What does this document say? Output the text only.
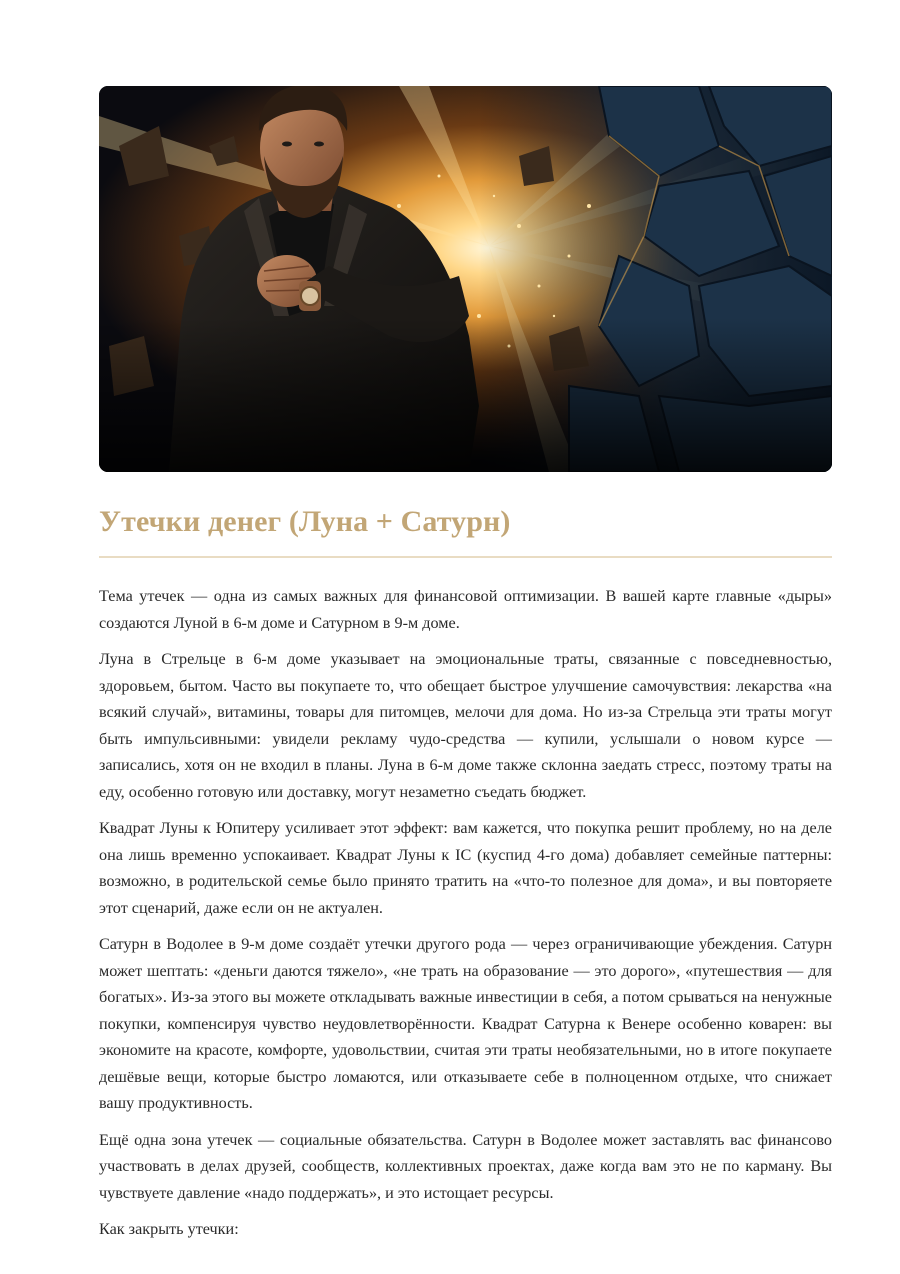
Утечки денег (Луна + Сатурн)

Тема утечек — одна из самых важных для финансовой оптимизации. В вашей карте главные «дыры» создаются Луной в 6-м доме и Сатурном в 9-м доме.

Луна в Стрельце в 6-м доме указывает на эмоциональные траты, связанные с повседневностью, здоровьем, бытом. Часто вы покупаете то, что обещает быстрое улучшение самочувствия: лекарства «на всякий случай», витамины, товары для питомцев, мелочи для дома. Но из-за Стрельца эти траты могут быть импульсивными: увидели рекламу чудо-средства — купили, услышали о новом курсе — записались, хотя он не входил в планы. Луна в 6-м доме также склонна заедать стресс, поэтому траты на еду, особенно готовую или доставку, могут незаметно съедать бюджет.

Квадрат Луны к Юпитеру усиливает этот эффект: вам кажется, что покупка решит проблему, но на деле она лишь временно успокаивает. Квадрат Луны к IC (куспид 4-го дома) добавляет семейные паттерны: возможно, в родительской семье было принято тратить на «что-то полезное для дома», и вы повторяете этот сценарий, даже если он не актуален.

Сатурн в Водолее в 9-м доме создаёт утечки другого рода — через ограничивающие убеждения. Сатурн может шептать: «деньги даются тяжело», «не трать на образование — это дорого», «путешествия — для богатых». Из-за этого вы можете откладывать важные инвестиции в себя, а потом срываться на ненужные покупки, компенсируя чувство неудовлетворённости. Квадрат Сатурна к Венере особенно коварен: вы экономите на красоте, комфорте, удовольствии, считая эти траты необязательными, но в итоге покупаете дешёвые вещи, которые быстро ломаются, или отказываете себе в полноценном отдыхе, что снижает вашу продуктивность.

Ещё одна зона утечек — социальные обязательства. Сатурн в Водолее может заставлять вас финансово участвовать в делах друзей, сообществ, коллективных проектах, даже когда вам это не по карману. Вы чувствуете давление «надо поддержать», и это истощает ресурсы.

Как закрыть утечки:
